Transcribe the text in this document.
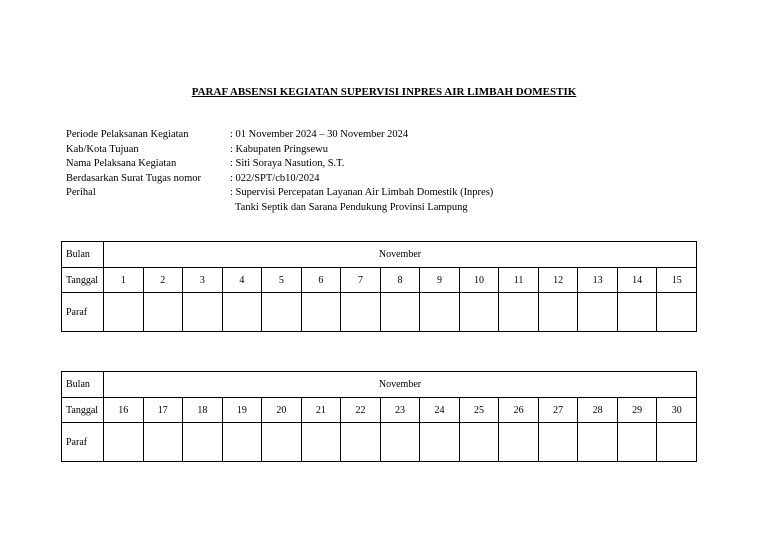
PARAF ABSENSI KEGIATAN SUPERVISI INPRES AIR LIMBAH DOMESTIK
Periode Pelaksanan Kegiatan	: 01 November 2024 – 30 November 2024
Kab/Kota Tujuan	: Kabupaten Pringsewu
Nama Pelaksana Kegiatan	: Siti Soraya Nasution, S.T.
Berdasarkan Surat Tugas nomor	: 022/SPT/cb10/2024
Perihal	: Supervisi Percepatan Layanan Air Limbah Domestik (Inpres)
Tanki Septik dan Sarana Pendukung Provinsi Lampung
Bulan	November														
Tanggal	1	2	3	4	5	6	7	8	9	10	11	12	13	14	15
Paraf															
Bulan	November														
Tanggal	16	17	18	19	20	21	22	23	24	25	26	27	28	29	30
Paraf															
